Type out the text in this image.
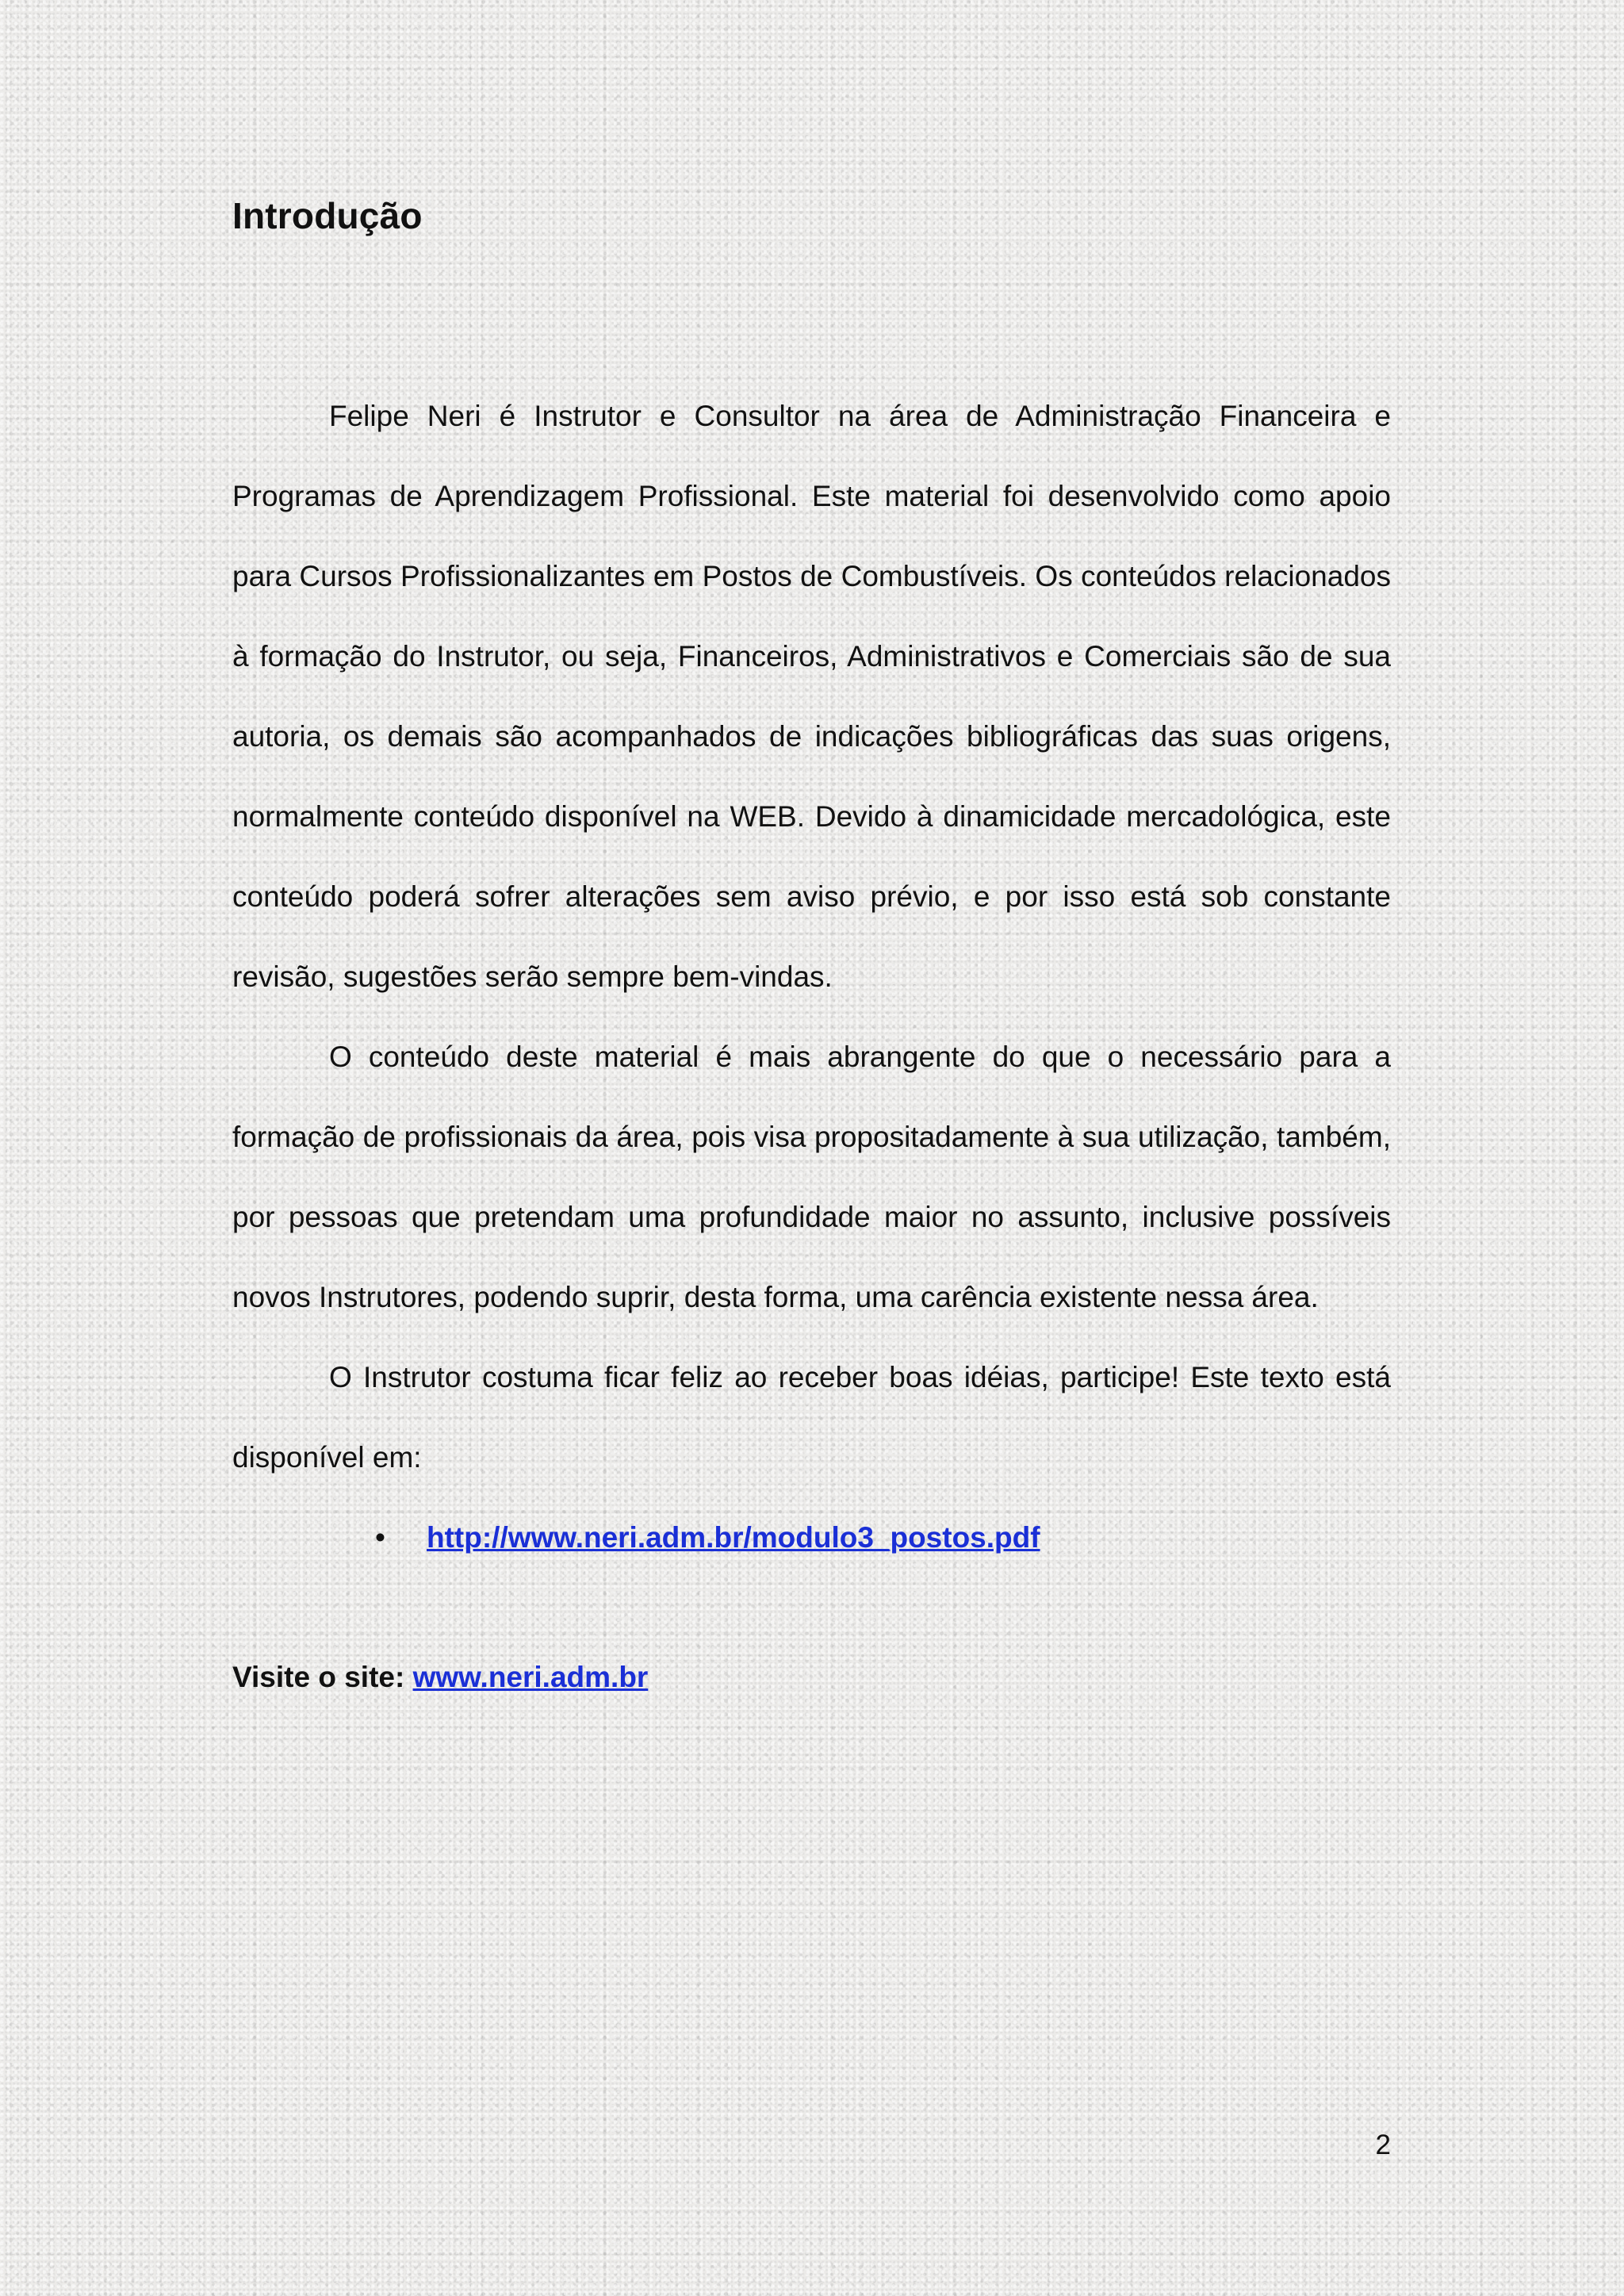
Introdução

Felipe Neri é Instrutor e Consultor na área de Administração Financeira e Programas de Aprendizagem Profissional. Este material foi desenvolvido como apoio para Cursos Profissionalizantes em Postos de Combustíveis. Os conteúdos relacionados à formação do Instrutor, ou seja, Financeiros, Administrativos e Comerciais são de sua autoria, os demais são acompanhados de indicações bibliográficas das suas origens, normalmente conteúdo disponível na WEB. Devido à dinamicidade mercadológica, este conteúdo poderá sofrer alterações sem aviso prévio, e por isso está sob constante revisão, sugestões serão sempre bem-vindas.

O conteúdo deste material é mais abrangente do que o necessário para a formação de profissionais da área, pois visa propositadamente à sua utilização, também, por pessoas que pretendam uma profundidade maior no assunto, inclusive possíveis novos Instrutores, podendo suprir, desta forma, uma carência existente nessa área.

O Instrutor costuma ficar feliz ao receber boas idéias, participe! Este texto está disponível em:

• http://www.neri.adm.br/modulo3_postos.pdf

Visite o site: www.neri.adm.br

2
